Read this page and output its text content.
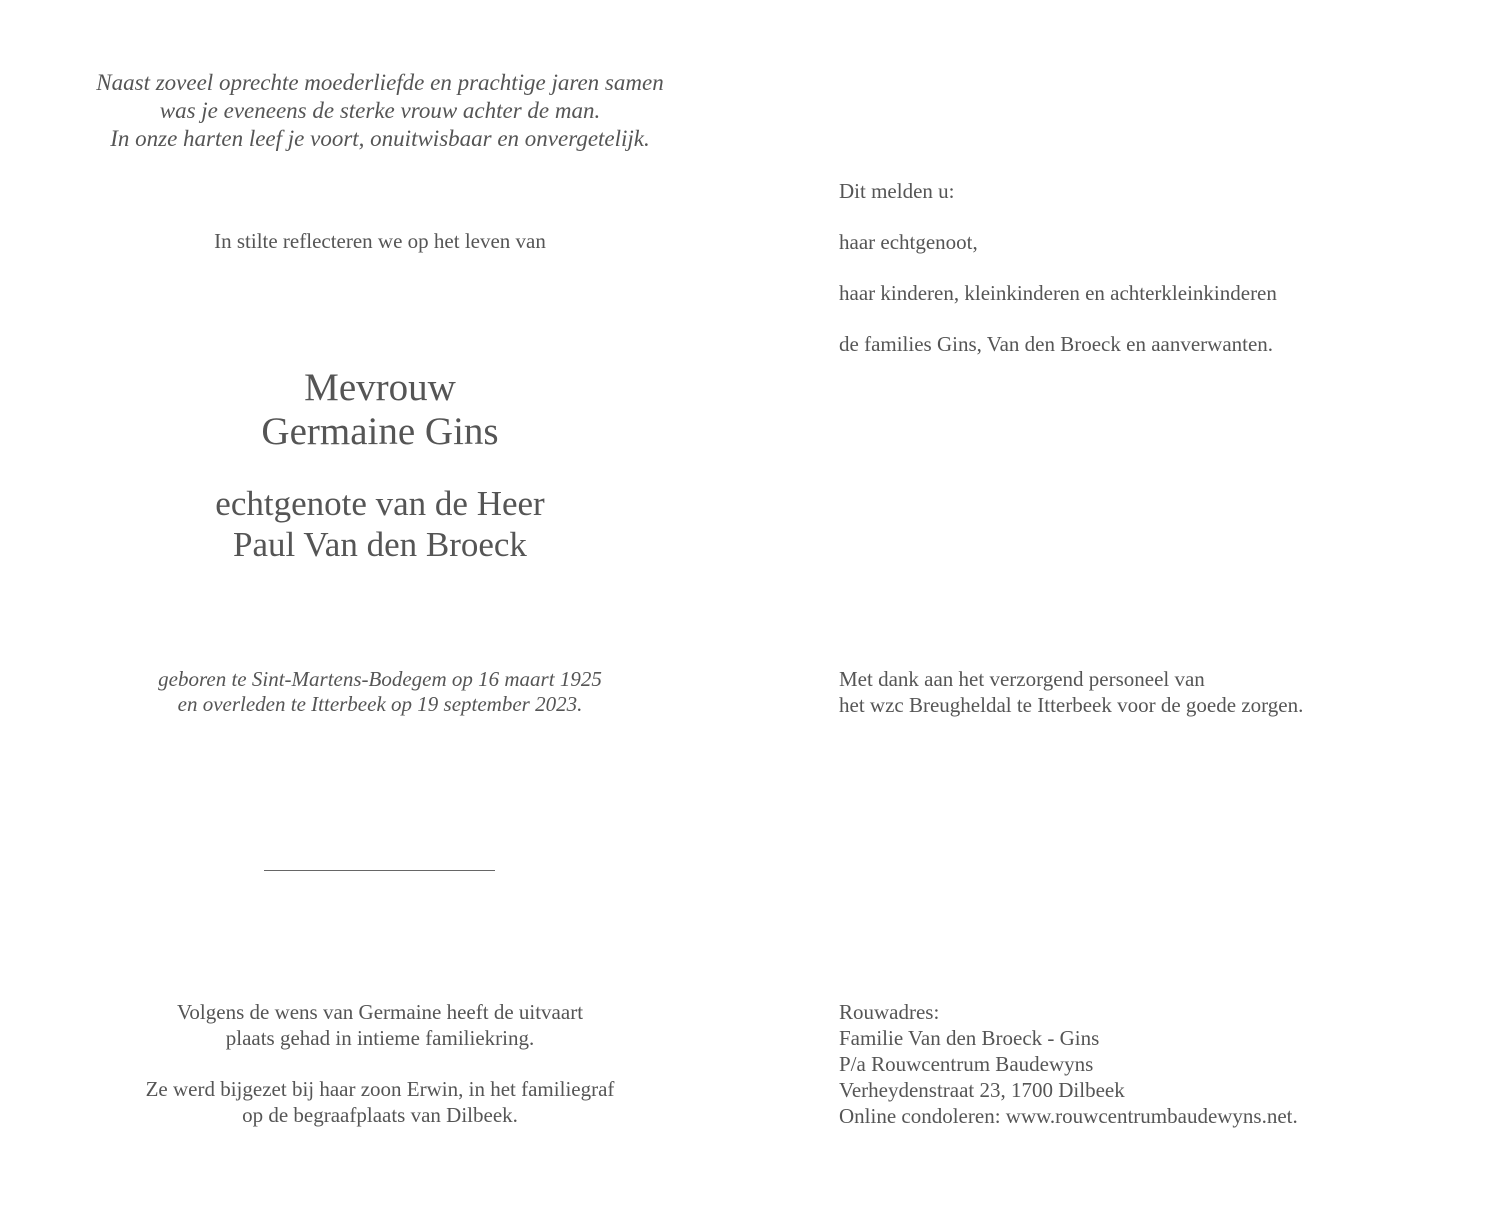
Naast zoveel oprechte moederliefde en prachtige jaren samen
was je eveneens de sterke vrouw achter de man.
In onze harten leef je voort, onuitwisbaar en onvergetelijk.
In stilte reflecteren we op het leven van
Mevrouw
Germaine Gins
echtgenote van de Heer
Paul Van den Broeck
geboren te Sint-Martens-Bodegem op 16 maart 1925
en overleden te Itterbeek op 19 september 2023.
Volgens de wens van Germaine heeft de uitvaart
plaats gehad in intieme familiekring.
Ze werd bijgezet bij haar zoon Erwin, in het familiegraf
op de begraafplaats van Dilbeek.

Dit melden u:

haar echtgenoot,

haar kinderen, kleinkinderen en achterkleinkinderen

de families Gins, Van den Broeck en aanverwanten.

Met dank aan het verzorgend personeel van
het wzc Breugheldal te Itterbeek voor de goede zorgen.
Rouwadres:
Familie Van den Broeck - Gins
P/a Rouwcentrum Baudewyns
Verheydenstraat 23, 1700 Dilbeek
Online condoleren: www.rouwcentrumbaudewyns.net.
